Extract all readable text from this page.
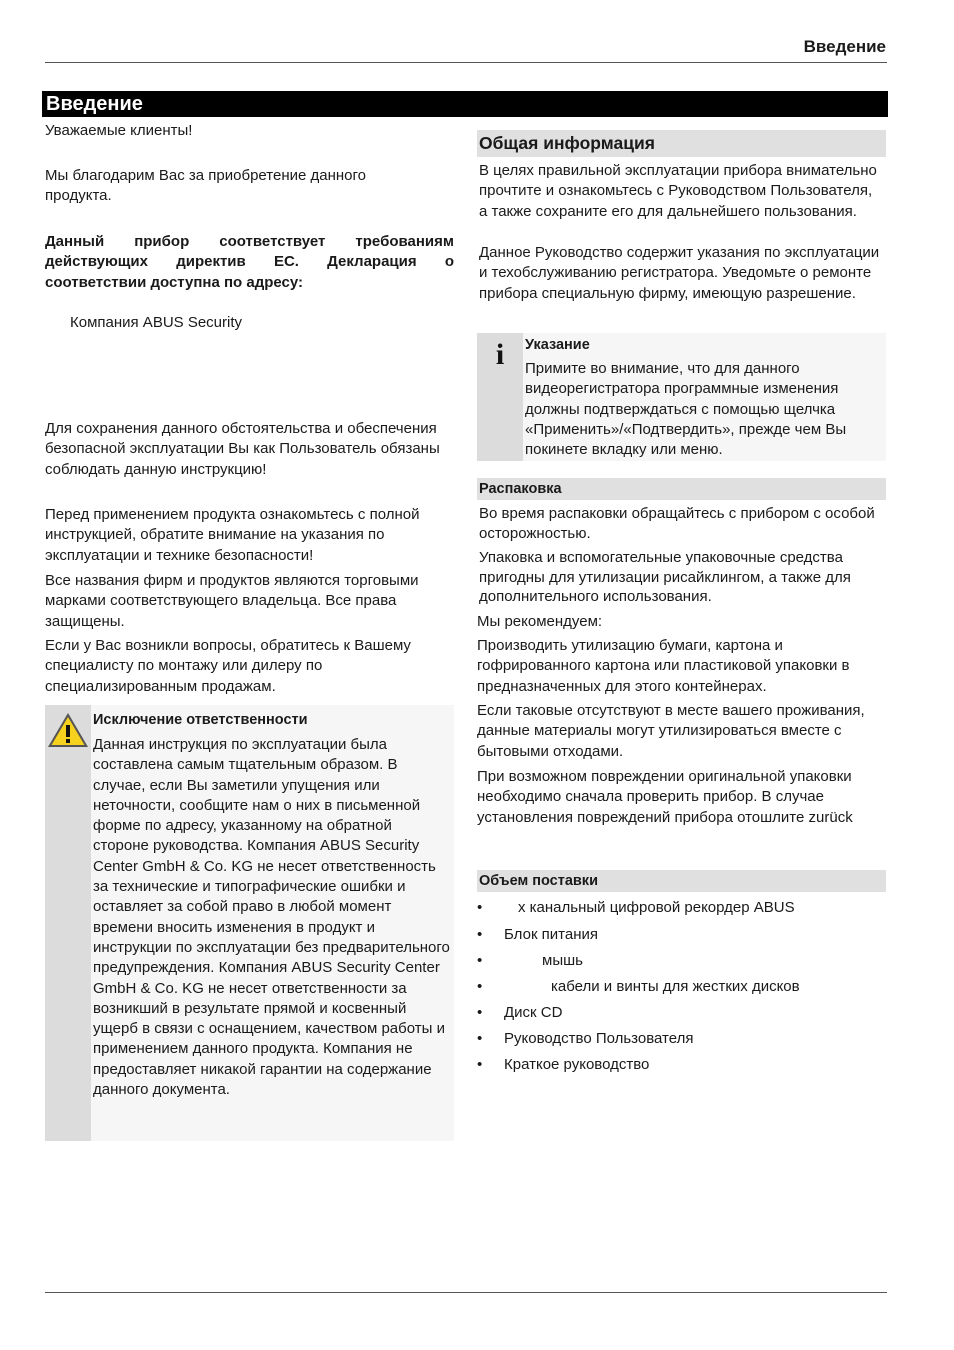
Введение
Введение
Уважаемые клиенты!
Мы благодарим Вас за приобретение данного продукта.
Данный прибор соответствует требованиям действующих директив ЕС. Декларация о соответствии доступна по адресу:
Компания ABUS Security
Для сохранения данного обстоятельства и обеспечения безопасной эксплуатации Вы как Пользователь обязаны соблюдать данную инструкцию!
Перед применением продукта ознакомьтесь с полной инструкцией, обратите внимание на указания по эксплуатации и технике безопасности!
Все названия фирм и продуктов являются торговыми марками соответствующего владельца. Все права защищены.
Если у Вас возникли вопросы, обратитесь к Вашему специалисту по монтажу или дилеру по специализированным продажам.
Исключение ответственности
Данная инструкция по эксплуатации была составлена самым тщательным образом. В случае, если Вы заметили упущения или неточности, сообщите нам о них в письменной форме по адресу, указанному на обратной стороне руководства. Компания ABUS Security Center GmbH & Co. KG не несет ответственность за технические и типографические ошибки и оставляет за собой право в любой момент времени вносить изменения в продукт и инструкции по эксплуатации без предварительного предупреждения. Компания ABUS Security Center GmbH & Co. KG не несет ответственности за возникший в результате прямой и косвенный ущерб в связи с оснащением, качеством работы и применением данного продукта. Компания не предоставляет никакой гарантии на содержание данного документа.
Общая информация
В целях правильной эксплуатации прибора внимательно прочтите и ознакомьтесь с Руководством Пользователя, а также сохраните его для дальнейшего пользования.
Данное Руководство содержит указания по эксплуатации и техобслуживанию регистратора. Уведомьте о ремонте прибора специальную фирму, имеющую разрешение.
i Указание
Примите во внимание, что для данного видеорегистратора программные изменения должны подтверждаться с помощью щелчка «Применить»/«Подтвердить», прежде чем Вы покинете вкладку или меню.
Распаковка
Во время распаковки обращайтесь с прибором с особой осторожностью.
Упаковка и вспомогательные упаковочные средства пригодны для утилизации рисайклингом, а также для дополнительного использования.
Мы рекомендуем:
Производить утилизацию бумаги, картона и гофрированного картона или пластиковой упаковки в предназначенных для этого контейнерах.
Если таковые отсутствуют в месте вашего проживания, данные материалы могут утилизироваться вместе с бытовыми отходами.
При возможном повреждении оригинальной упаковки необходимо сначала проверить прибор. В случае установления повреждений прибора отошлите zurück
Объем поставки
• х канальный цифровой рекордер ABUS
• Блок питания
•	мышь
•	кабели и винты для жестких дисков
• Диск CD
• Руководство Пользователя
• Краткое руководство
